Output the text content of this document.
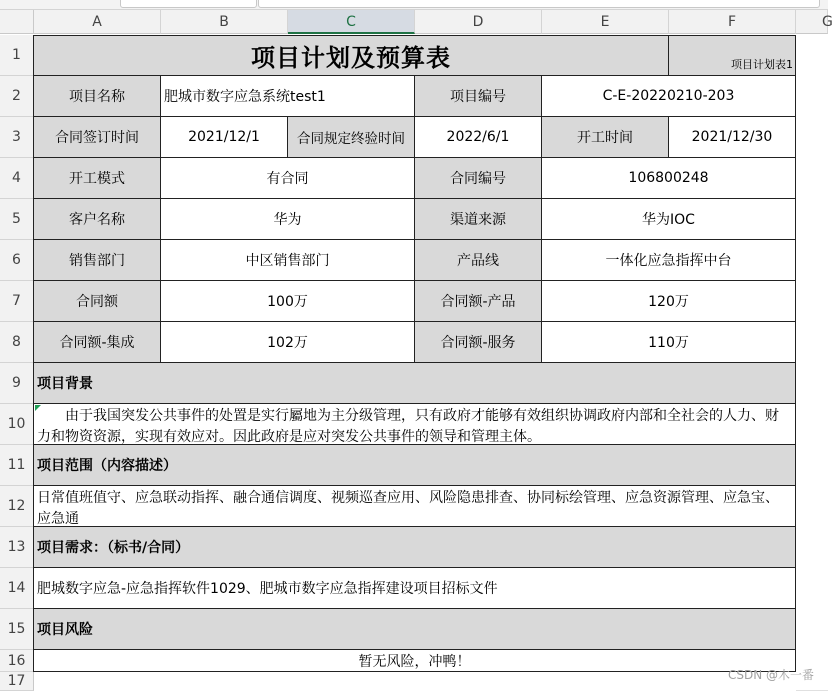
A	B	C	D	E	F	G
1
2
3
4
5
6
7
8
9
10
11
12
13
14
15
16
17
项目计划及预算表	项目计划表1
项目名称	肥城市数字应急系统test1	项目编号	C-E-20220210-203
合同签订时间	2021/12/1	合同规定终验时间	2022/6/1	开工时间	2021/12/30
开工模式	有合同	合同编号	106800248
客户名称	华为	渠道来源	华为IOC
销售部门	中区销售部门	产品线	一体化应急指挥中台
合同额	100万	合同额-产品	120万
合同额-集成	102万	合同额-服务	110万
项目背景
　　由于我国突发公共事件的处置是实行屬地为主分级管理，只有政府才能够有效组织协调政府内部和全社会的人力、财力和物资资源，实现有效应对。因此政府是应对突发公共事件的领导和管理主体。
项目范围（内容描述）
日常值班值守、应急联动指挥、融合通信调度、视频巡查应用、风险隐患排查、协同标绘管理、应急资源管理、应急宝、应急通
项目需求：（标书/合同）
肥城数字应急-应急指挥软件1029、肥城市数字应急指挥建设项目招标文件
项目风险
暂无风险，冲鸭！
CSDN @木一番
